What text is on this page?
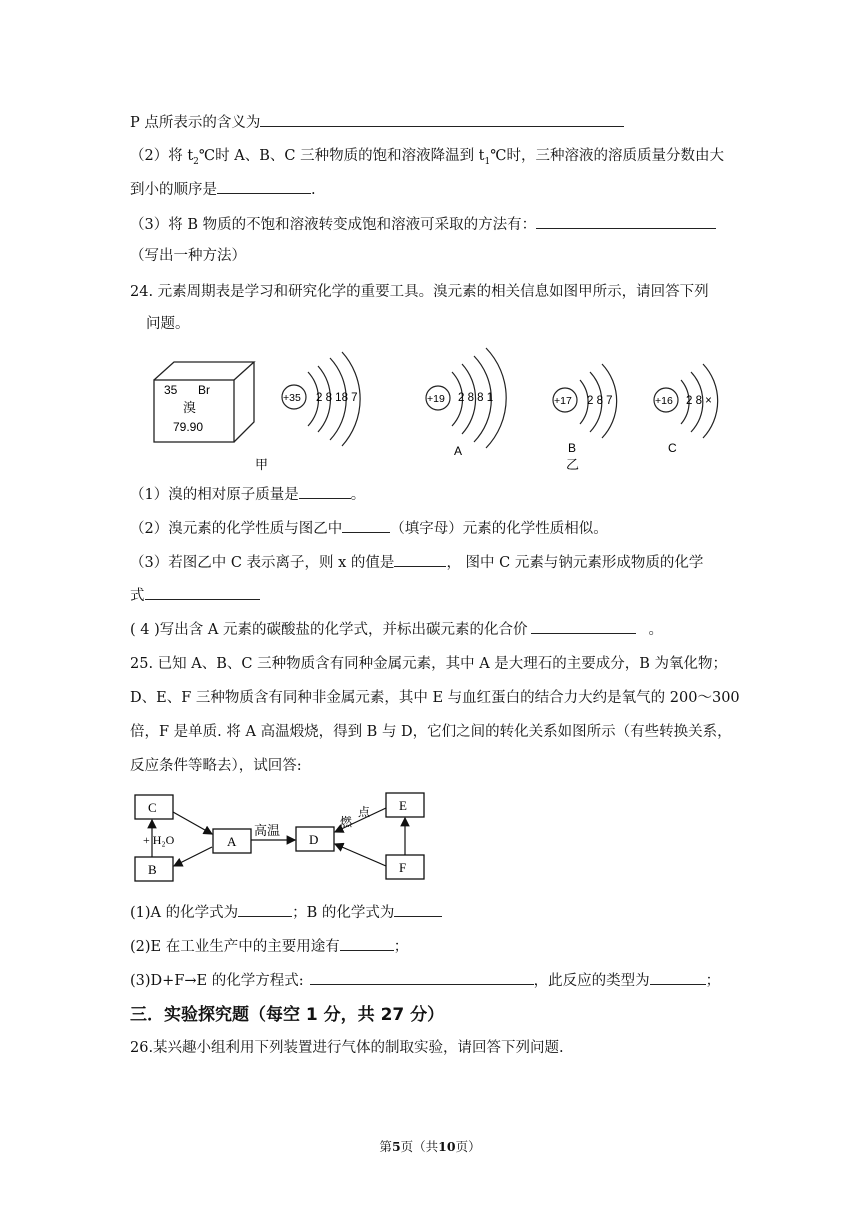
P 点所表示的含义为
（2）将 $t_2℃$时 A、B、C 三种物质的饱和溶液降温到 $t_1℃$时，三种溶液的溶质质量分数由大
到小的顺序是	.
（3）将 B 物质的不饱和溶液转变成饱和溶液可采取的方法有：
（写出一种方法）
24. 元素周期表是学习和研究化学的重要工具。溴元素的相关信息如图甲所示，请回答下列
问题。
35 Br
溴
79.90
甲
+35 2 8 18 7	+19 2 8 8 1
A
+17 2 8 7
B
乙
+16 2 8 ×
C
（1）溴的相对原子质量是	。
（2）溴元素的化学性质与图乙中	（填字母）元素的化学性质相似。
（3）若图乙中 C 表示离子，则 x 的值是	， 图中 C 元素与钠元素形成物质的化学
式
( 4 )写出含 A 元素的碳酸盐的化学式，并标出碳元素的化合价	。
25. 已知 A、B、C 三种物质含有同种金属元素，其中 A 是大理石的主要成分，B 为氧化物；
D、E、F 三种物质含有同种非金属元素，其中 E 与血红蛋白的结合力大约是氧气的 200～300
倍，F 是单质. 将 A 高温煅烧，得到 B 与 D，它们之间的转化关系如图所示（有些转换关系，
反应条件等略去），试回答:
C
A
B
D
E
F
+ H₂O
高温
点
燃
(1)A 的化学式为	；B 的化学式为
(2)E 在工业生产中的主要用途有	；
(3)D+F→E 的化学方程式:	，此反应的类型为	；
三．实验探究题（每空 1 分，共 27 分）
26.某兴趣小组利用下列装置进行气体的制取实验，请回答下列问题.
第5页（共10页）
